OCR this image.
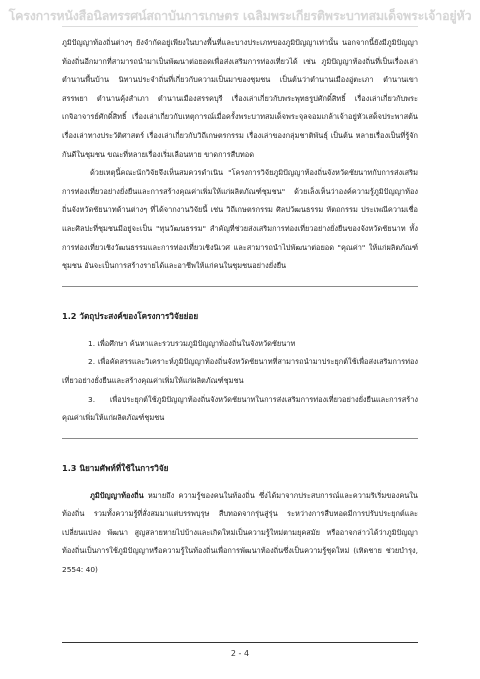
โครงการหนังสือนิลทรรศน์สถาบันการเกษตร เฉลิมพระเกียรติพระบาทสมเด็จพระเจ้าอยู่หัว

ภูมิปัญญาท้องถิ่นต่างๆ ยังจำกัดอยู่เพียงในบางพื้นที่และบางประเภทของภูมิปัญญาเท่านั้น นอกจากนี้ยังมีภูมิปัญญาท้องถิ่นอีกมากที่สามารถนำมาเป็นพัฒนาต่อยอดเพื่อส่งเสริมการท่องเที่ยวได้ เช่น ภูมิปัญญาท้องถิ่นที่เป็นเรื่องเล่า ตำนานพื้นบ้าน นิทานประจำถิ่นที่เกี่ยวกับความเป็นมาของชุมชน เป็นต้นว่าตำนานเมืองอู่ตะเภา ตำนานเขาสรรพยา ตำนานคุ้งสำเภา ตำนานเมืองสรรคบุรี เรื่องเล่าเกี่ยวกับพระพุทธรูปศักดิ์สิทธิ์ เรื่องเล่าเกี่ยวกับพระเกจิอาจารย์ศักดิ์สิทธิ์ เรื่องเล่าเกี่ยวกับเหตุการณ์เมื่อครั้งพระบาทสมเด็จพระจุลจอมเกล้าเจ้าอยู่หัวเสด็จประพาสต้น เรื่องเล่าทางประวัติศาสตร์ เรื่องเล่าเกี่ยวกับวิถีเกษตรกรรม เรื่องเล่าของกลุ่มชาติพันธุ์ เป็นต้น หลายเรื่องเป็นที่รู้จักกันดีในชุมชน ขณะที่หลายเรื่องเริ่มเลือนหาย ขาดการสืบทอด

ด้วยเหตุนี้คณะนักวิจัยจึงเห็นสมควรดำเนิน "โครงการวิจัยภูมิปัญญาท้องถิ่นจังหวัดชัยนาทกับการส่งเสริมการท่องเที่ยวอย่างยั่งยืนและการสร้างคุณค่าเพิ่มให้แก่ผลิตภัณฑ์ชุมชน" ด้วยเล็งเห็นว่าองค์ความรู้ภูมิปัญญาท้องถิ่นจังหวัดชัยนาทด้านต่างๆ ที่ได้จากงานวิจัยนี้ เช่น วิถีเกษตรกรรม ศิลปวัฒนธรรม หัตถกรรม ประเพณีความเชื่อ และศิลปะที่ชุมชนมีอยู่จะเป็น "ทุนวัฒนธรรม" สำคัญที่ช่วยส่งเสริมการท่องเที่ยวอย่างยั่งยืนของจังหวัดชัยนาท ทั้งการท่องเที่ยวเชิงวัฒนธรรมและการท่องเที่ยวเชิงนิเวศ และสามารถนำไปพัฒนาต่อยอด "คุณค่า" ให้แก่ผลิตภัณฑ์ชุมชน อันจะเป็นการสร้างรายได้และอาชีพให้แก่คนในชุมชนอย่างยั่งยืน

1.2 วัตถุประสงค์ของโครงการวิจัยย่อย

1. เพื่อศึกษา ค้นหาและรวบรวมภูมิปัญญาท้องถิ่นในจังหวัดชัยนาท

2. เพื่อคัดสรรและวิเคราะห์ภูมิปัญญาท้องถิ่นจังหวัดชัยนาทที่สามารถนำมาประยุกต์ใช้เพื่อส่งเสริมการท่องเที่ยวอย่างยั่งยืนและสร้างคุณค่าเพิ่มให้แก่ผลิตภัณฑ์ชุมชน

3. เพื่อประยุกต์ใช้ภูมิปัญญาท้องถิ่นจังหวัดชัยนาทในการส่งเสริมการท่องเที่ยวอย่างยั่งยืนและการสร้างคุณค่าเพิ่มให้แก่ผลิตภัณฑ์ชุมชน

1.3 นิยามศัพท์ที่ใช้ในการวิจัย

ภูมิปัญญาท้องถิ่น หมายถึง ความรู้ของคนในท้องถิ่น ซึ่งได้มาจากประสบการณ์และความริเริ่มของคนในท้องถิ่น รวมทั้งความรู้ที่สั่งสมมาแต่บรรพบุรุษ สืบทอดจากรุ่นสู่รุ่น ระหว่างการสืบทอดมีการปรับประยุกต์และเปลี่ยนแปลง พัฒนา สูญสลายหายไปบ้างและเกิดใหม่เป็นความรู้ใหม่ตามยุคสมัย หรืออาจกล่าวได้ว่าภูมิปัญญาท้องถิ่นเป็นการใช้ภูมิปัญญาหรือความรู้ในท้องถิ่นเพื่อการพัฒนาท้องถิ่นซึ่งเป็นความรู้ชุดใหม่ (เทิดชาย ช่วยบำรุง, 2554: 40)

2 - 4
